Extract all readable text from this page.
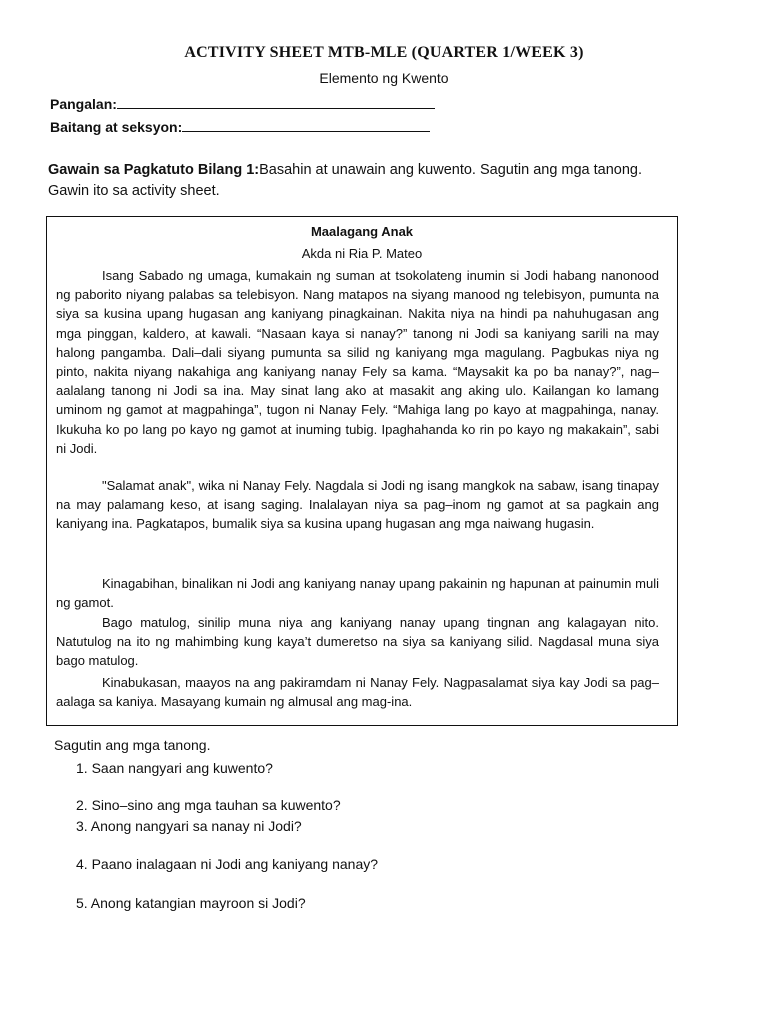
ACTIVITY SHEET MTB-MLE (QUARTER 1/WEEK 3)
Elemento ng Kwento
Pangalan:
Baitang at seksyon:
Gawain sa Pagkatuto Bilang 1:Basahin at unawain ang kuwento. Sagutin ang mga tanong. Gawin ito sa activity sheet.
Maalagang Anak
Akda ni Ria P. Mateo
Isang Sabado ng umaga, kumakain ng suman at tsokolateng inumin si Jodi habang nanonood ng paborito niyang palabas sa telebisyon. Nang matapos na siyang manood ng telebisyon, pumunta na siya sa kusina upang hugasan ang kaniyang pinagkainan. Nakita niya na hindi pa nahuhugasan ang mga pinggan, kaldero, at kawali. “Nasaan kaya si nanay?” tanong ni Jodi sa kaniyang sarili na may halong pangamba. Dali–dali siyang pumunta sa silid ng kaniyang mga magulang. Pagbukas niya ng pinto, nakita niyang nakahiga ang kaniyang nanay Fely sa kama. “Maysakit ka po ba nanay?”, nag–aalalang tanong ni Jodi sa ina. May sinat lang ako at masakit ang aking ulo. Kailangan ko lamang uminom ng gamot at magpahinga”, tugon ni Nanay Fely. “Mahiga lang po kayo at magpahinga, nanay. Ikukuha ko po lang po kayo ng gamot at inuming tubig. Ipaghahanda ko rin po kayo ng makakain”, sabi ni Jodi.
"Salamat anak", wika ni Nanay Fely. Nagdala si Jodi ng isang mangkok na sabaw, isang tinapay na may palamang keso, at isang saging. Inalalayan niya sa pag–inom ng gamot at sa pagkain ang kaniyang ina. Pagkatapos, bumalik siya sa kusina upang hugasan ang mga naiwang hugasin.
Kinagabihan, binalikan ni Jodi ang kaniyang nanay upang pakainin ng hapunan at painumin muli ng gamot.
Bago matulog, sinilip muna niya ang kaniyang nanay upang tingnan ang kalagayan nito. Natutulog na ito ng mahimbing kung kaya’t dumeretso na siya sa kaniyang silid. Nagdasal muna siya bago matulog.
Kinabukasan, maayos na ang pakiramdam ni Nanay Fely. Nagpasalamat siya kay Jodi sa pag–aalaga sa kaniya. Masayang kumain ng almusal ang mag-ina.
Sagutin ang mga tanong.
1. Saan nangyari ang kuwento?
2. Sino–sino ang mga tauhan sa kuwento?
3. Anong nangyari sa nanay ni Jodi?
4. Paano inalagaan ni Jodi ang kaniyang nanay?
5. Anong katangian mayroon si Jodi?
